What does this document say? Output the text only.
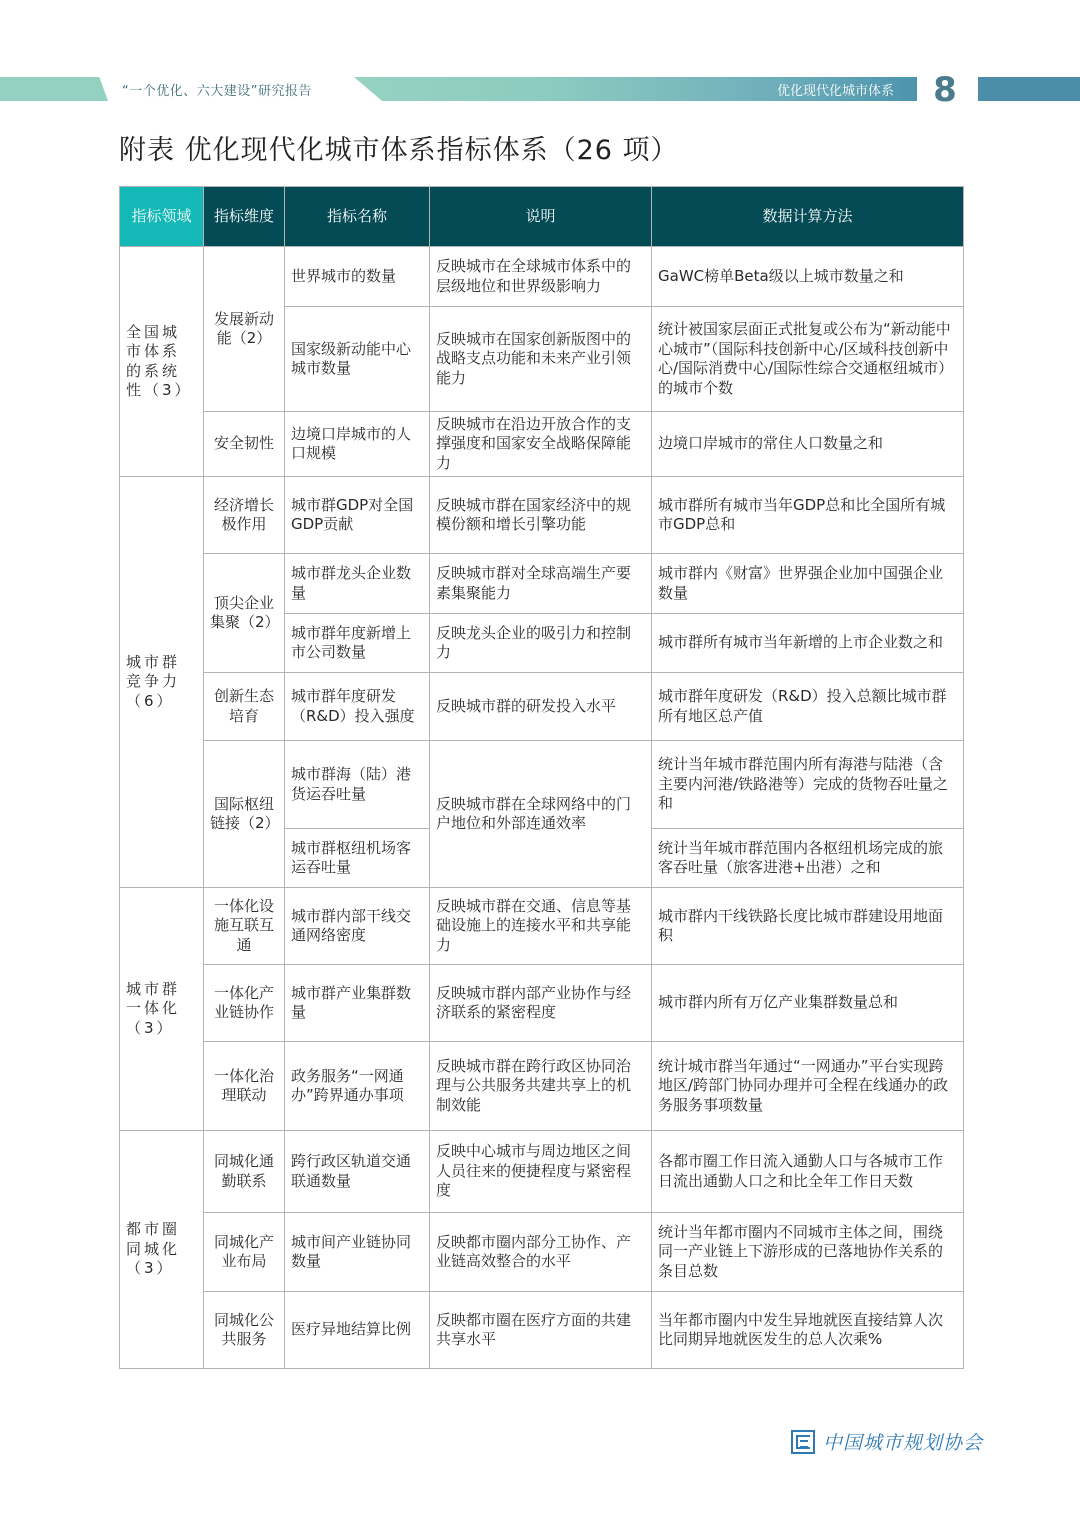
“一个优化、六大建设”研究报告	优化现代化城市体系 8
附表 优化现代化城市体系指标体系（26 项）
指标领域	指标维度	指标名称	说明	数据计算方法
全国城市体系的系统性（3）	发展新动能（2）	世界城市的数量	反映城市在全球城市体系中的层级地位和世界级影响力	GaWC榜单Beta级以上城市数量之和
		国家级新动能中心城市数量	反映城市在国家创新版图中的战略支点功能和未来产业引领能力	统计被国家层面正式批复或公布为“新动能中心城市”（国际科技创新中心/区域科技创新中心/国际消费中心/国际性综合交通枢纽城市）的城市个数
	安全韧性	边境口岸城市的人口规模	反映城市在沿边开放合作的支撑强度和国家安全战略保障能力	边境口岸城市的常住人口数量之和
城市群竞争力（6）	经济增长极作用	城市群GDP对全国GDP贡献	反映城市群在国家经济中的规模份额和增长引擎功能	城市群所有城市当年GDP总和比全国所有城市GDP总和
	顶尖企业集聚（2）	城市群龙头企业数量	反映城市群对全球高端生产要素集聚能力	城市群内《财富》世界强企业加中国强企业数量
		城市群年度新增上市公司数量	反映龙头企业的吸引力和控制力	城市群所有城市当年新增的上市企业数之和
	创新生态培育	城市群年度研发（R&D）投入强度	反映城市群的研发投入水平	城市群年度研发（R&D）投入总额比城市群所有地区总产值
	国际枢纽链接（2）	城市群海（陆）港货运吞吐量	反映城市群在全球网络中的门户地位和外部连通效率	统计当年城市群范围内所有海港与陆港（含主要内河港/铁路港等）完成的货物吞吐量之和
		城市群枢纽机场客运吞吐量		统计当年城市群范围内各枢纽机场完成的旅客吞吐量（旅客进港+出港）之和
城市群一体化（3）	一体化设施互联互通	城市群内部干线交通网络密度	反映城市群在交通、信息等基础设施上的连接水平和共享能力	城市群内干线铁路长度比城市群建设用地面积
	一体化产业链协作	城市群产业集群数量	反映城市群内部产业协作与经济联系的紧密程度	城市群内所有万亿产业集群数量总和
	一体化治理联动	政务服务“一网通办”跨界通办事项	反映城市群在跨行政区协同治理与公共服务共建共享上的机制效能	统计城市群当年通过“一网通办”平台实现跨地区/跨部门协同办理并可全程在线通办的政务服务事项数量
都市圈同城化（3）	同城化通勤联系	跨行政区轨道交通联通数量	反映中心城市与周边地区之间人员往来的便捷程度与紧密程度	各都市圈工作日流入通勤人口与各城市工作日流出通勤人口之和比全年工作日天数
	同城化产业布局	城市间产业链协同数量	反映都市圈内部分工协作、产业链高效整合的水平	统计当年都市圈内不同城市主体之间，围绕同一产业链上下游形成的已落地协作关系的条目总数
	同城化公共服务	医疗异地结算比例	反映都市圈在医疗方面的共建共享水平	当年都市圈内中发生异地就医直接结算人次比同期异地就医发生的总人次乘%
中国城市规划协会
